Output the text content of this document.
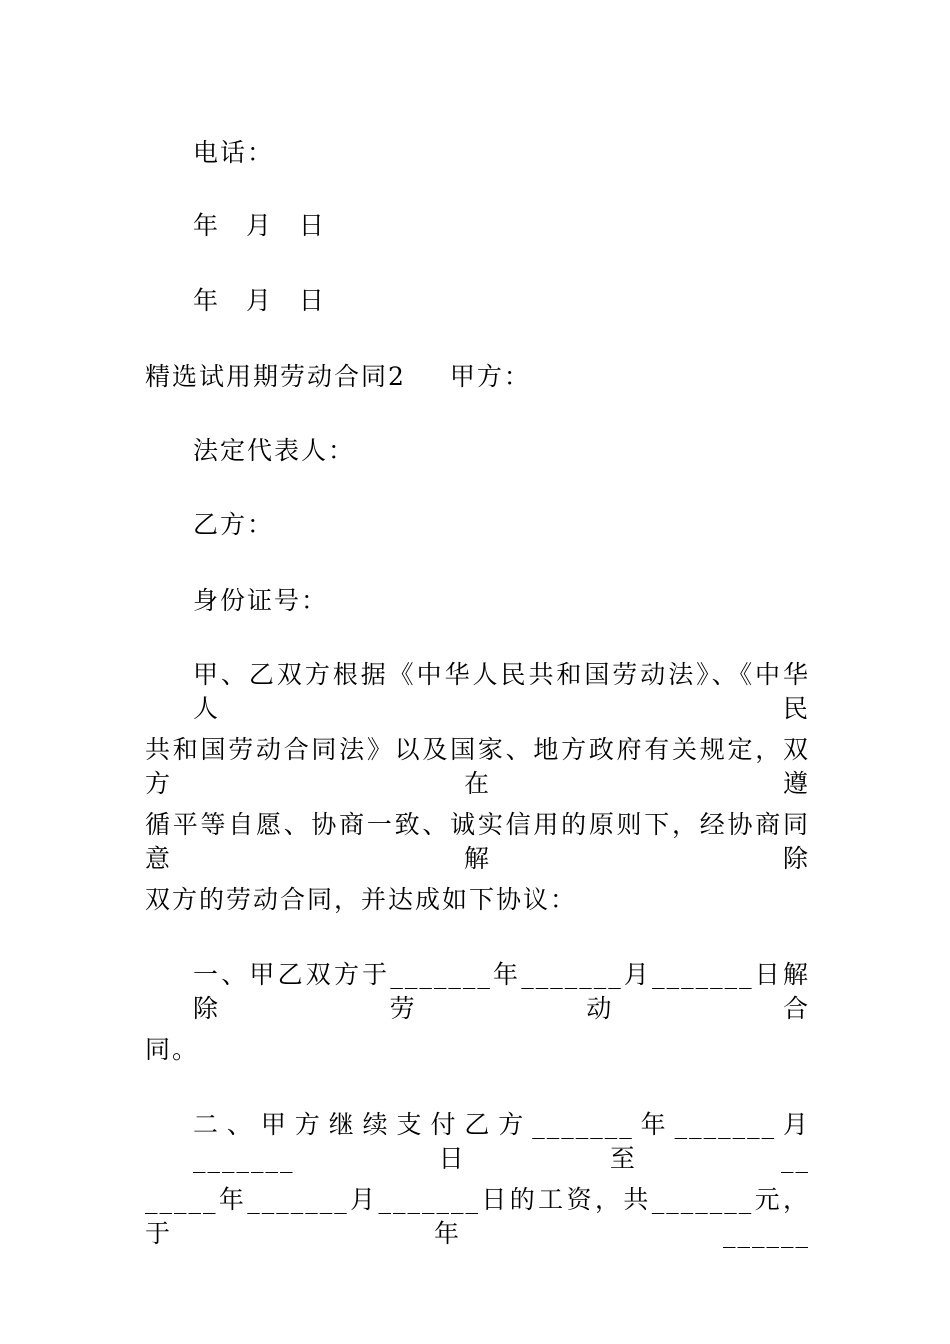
电话：
年 月 日
年 月 日
精选试用期劳动合同2 甲方：
法定代表人：
乙方：
身份证号：
甲、乙双方根据《中华人民共和国劳动法》、《中华人民
共和国劳动合同法》以及国家、地方政府有关规定，双方在遵
循平等自愿、协商一致、诚实信用的原则下，经协商同意解除
双方的劳动合同，并达成如下协议：
一、甲乙双方于_______年_______月_______日解除劳动合
同。
二、甲方继续支付乙方_______年_______月_______日至__
_____年_______月_______日的工资，共_______元，于年______
